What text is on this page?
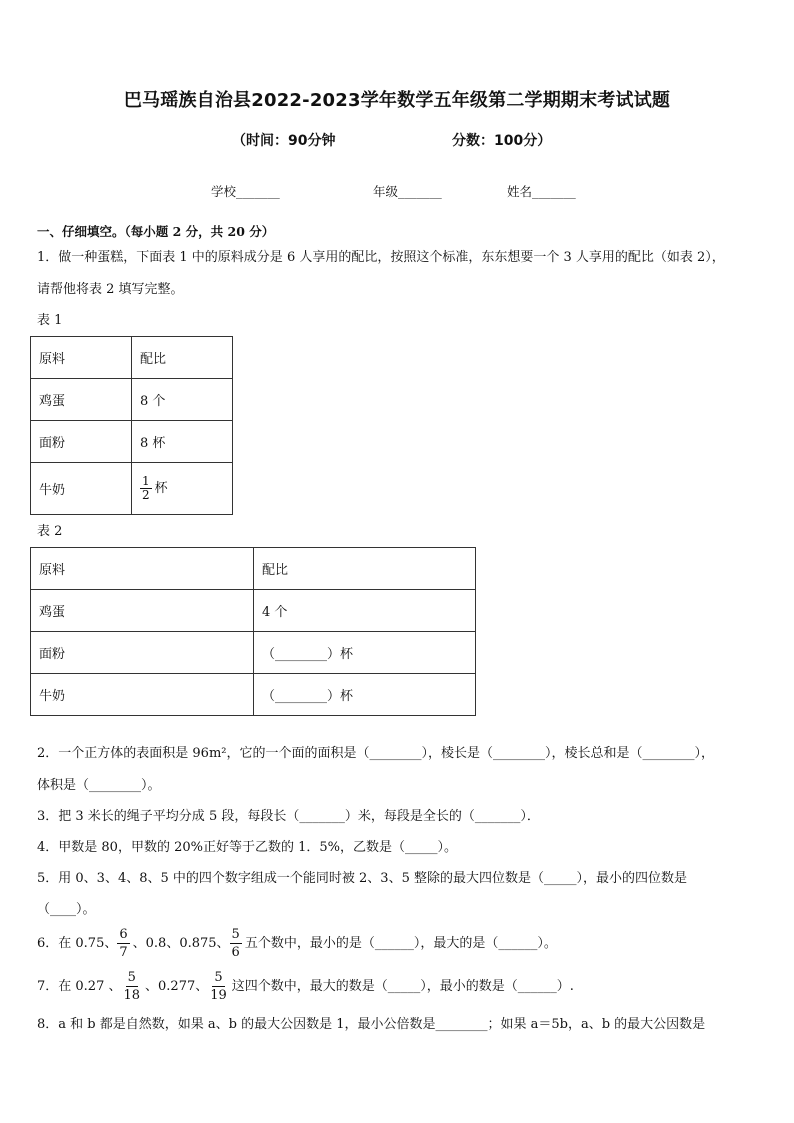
巴马瑶族自治县2022-2023学年数学五年级第二学期期末考试试题
（时间：90分钟	分数：100分）
学校_______	年级_______	姓名_______
一、仔细填空。（每小题 2 分，共 20 分）
1．做一种蛋糕，下面表 1 中的原料成分是 6 人享用的配比，按照这个标准，东东想要一个 3 人享用的配比（如表 2），
请帮他将表 2 填写完整。
表 1
原料	配比
鸡蛋	8 个
面粉	8 杯
牛奶	$\frac{1}{2}$ 杯
表 2
原料	配比
鸡蛋	4 个
面粉	（________）杯
牛奶	（________）杯
2．一个正方体的表面积是 96m²，它的一个面的面积是（________），棱长是（________），棱长总和是（________），
体积是（________）。
3．把 3 米长的绳子平均分成 5 段，每段长（_______）米，每段是全长的（_______）．
4．甲数是 80，甲数的 20%正好等于乙数的 1．5%，乙数是（_____）。
5．用 0、3、4、8、5 中的四个数字组成一个能同时被 2、3、5 整除的最大四位数是（_____），最小的四位数是
（____）。
6．在 0.75、 $\frac{6}{7}$ 、0.8、0.875、 $\frac{5}{6}$ 五个数中，最小的是（______），最大的是（______）。
7．在 0.27 、 $\frac{5}{18}$ 、0.277、 $\frac{5}{19}$ 这四个数中，最大的数是（_____），最小的数是（______）.
8．a 和 b 都是自然数，如果 a、b 的最大公因数是 1，最小公倍数是________；如果 a＝5b，a、b 的最大公因数是
